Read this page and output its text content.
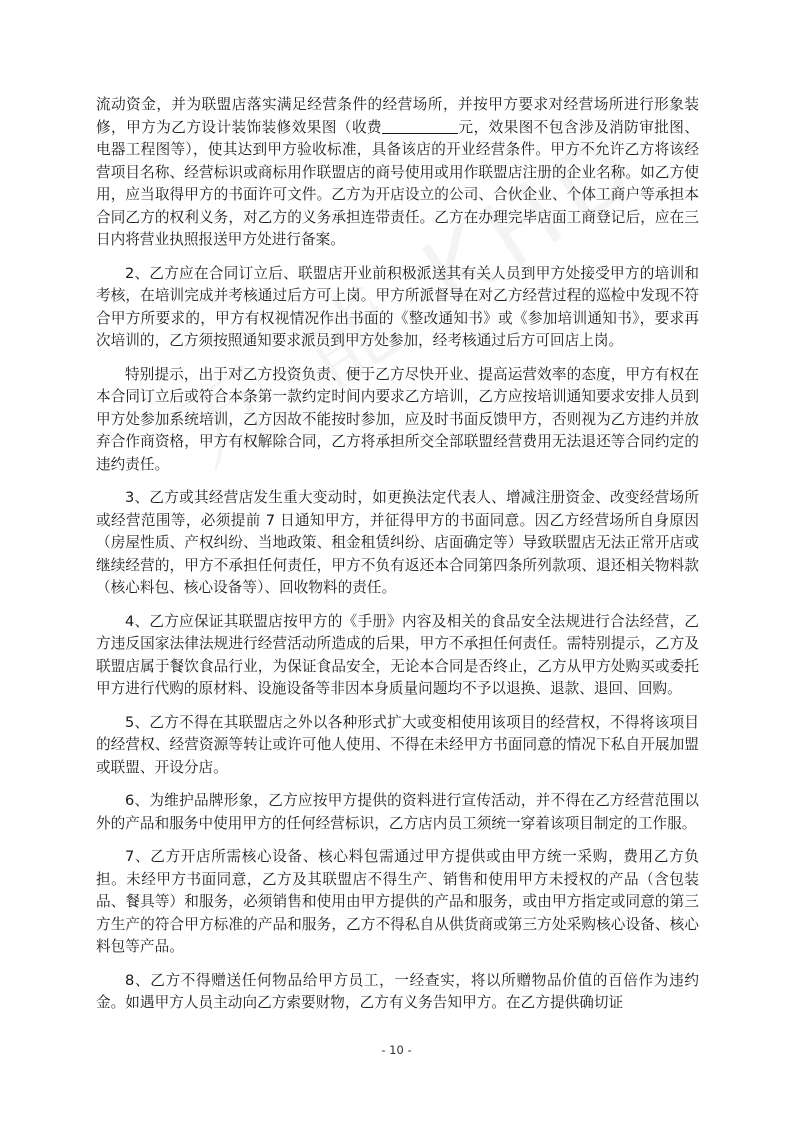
流动资金，并为联盟店落实满足经营条件的经营场所，并按甲方要求对经营场所进行形象装修，甲方为乙方设计装饰装修效果图（收费	元，效果图不包含涉及消防审批图、电器工程图等），使其达到甲方验收标准，具备该店的开业经营条件。甲方不允许乙方将该经营项目名称、经营标识或商标用作联盟店的商号使用或用作联盟店注册的企业名称。如乙方使用，应当取得甲方的书面许可文件。乙方为开店设立的公司、合伙企业、个体工商户等承担本合同乙方的权利义务，对乙方的义务承担连带责任。乙方在办理完毕店面工商登记后，应在三日内将营业执照报送甲方处进行备案。

2、乙方应在合同订立后、联盟店开业前积极派送其有关人员到甲方处接受甲方的培训和考核，在培训完成并考核通过后方可上岗。甲方所派督导在对乙方经营过程的巡检中发现不符合甲方所要求的，甲方有权视情况作出书面的《整改通知书》或《参加培训通知书》，要求再次培训的，乙方须按照通知要求派员到甲方处参加，经考核通过后方可回店上岗。

特别提示，出于对乙方投资负责、便于乙方尽快开业、提高运营效率的态度，甲方有权在本合同订立后或符合本条第一款约定时间内要求乙方培训，乙方应按培训通知要求安排人员到甲方处参加系统培训，乙方因故不能按时参加，应及时书面反馈甲方，否则视为乙方违约并放弃合作商资格，甲方有权解除合同，乙方将承担所交全部联盟经营费用无法退还等合同约定的违约责任。

3、乙方或其经营店发生重大变动时，如更换法定代表人、增减注册资金、改变经营场所或经营范围等，必须提前 7 日通知甲方，并征得甲方的书面同意。因乙方经营场所自身原因（房屋性质、产权纠纷、当地政策、租金租赁纠纷、店面确定等）导致联盟店无法正常开店或继续经营的，甲方不承担任何责任，甲方不负有返还本合同第四条所列款项、退还相关物料款（核心料包、核心设备等）、回收物料的责任。

4、乙方应保证其联盟店按甲方的《手册》内容及相关的食品安全法规进行合法经营，乙方违反国家法律法规进行经营活动所造成的后果，甲方不承担任何责任。需特别提示，乙方及联盟店属于餐饮食品行业，为保证食品安全，无论本合同是否终止，乙方从甲方处购买或委托甲方进行代购的原材料、设施设备等非因本身质量问题均不予以退换、退款、退回、回购。

5、乙方不得在其联盟店之外以各种形式扩大或变相使用该项目的经营权，不得将该项目的经营权、经营资源等转让或许可他人使用、不得在未经甲方书面同意的情况下私自开展加盟或联盟、开设分店。

6、为维护品牌形象，乙方应按甲方提供的资料进行宣传活动，并不得在乙方经营范围以外的产品和服务中使用甲方的任何经营标识，乙方店内员工须统一穿着该项目制定的工作服。

7、乙方开店所需核心设备、核心料包需通过甲方提供或由甲方统一采购，费用乙方负担。未经甲方书面同意，乙方及其联盟店不得生产、销售和使用甲方未授权的产品（含包装品、餐具等）和服务，必须销售和使用由甲方提供的产品和服务，或由甲方指定或同意的第三方生产的符合甲方标准的产品和服务，乙方不得私自从供货商或第三方处采购核心设备、核心料包等产品。

8、乙方不得赠送任何物品给甲方员工，一经查实，将以所赠物品价值的百倍作为违约金。如遇甲方人员主动向乙方索要财物，乙方有义务告知甲方。在乙方提供确切证

- 10 -
